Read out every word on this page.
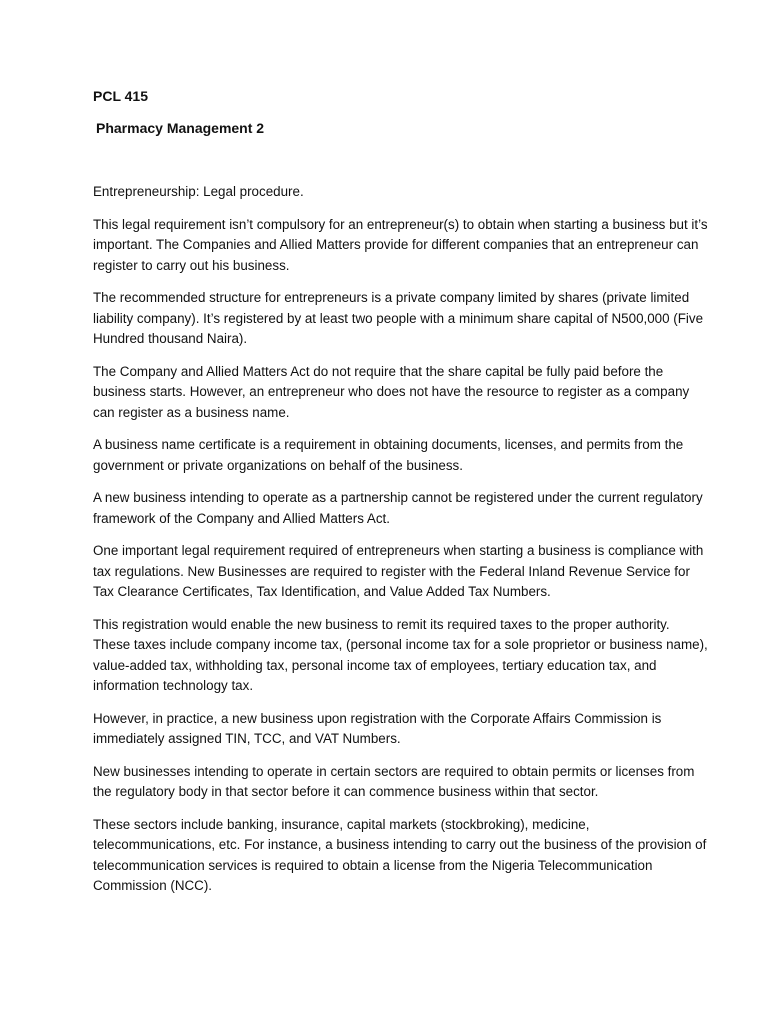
PCL 415

Pharmacy Management 2

Entrepreneurship: Legal procedure.

This legal requirement isn’t compulsory for an entrepreneur(s) to obtain when starting a business but it’s important. The Companies and Allied Matters provide for different companies that an entrepreneur can register to carry out his business.

The recommended structure for entrepreneurs is a private company limited by shares (private limited liability company). It’s registered by at least two people with a minimum share capital of N500,000 (Five Hundred thousand Naira).

The Company and Allied Matters Act do not require that the share capital be fully paid before the business starts. However, an entrepreneur who does not have the resource to register as a company can register as a business name.

A business name certificate is a requirement in obtaining documents, licenses, and permits from the government or private organizations on behalf of the business.

A new business intending to operate as a partnership cannot be registered under the current regulatory framework of the Company and Allied Matters Act.

One important legal requirement required of entrepreneurs when starting a business is compliance with tax regulations. New Businesses are required to register with the Federal Inland Revenue Service for Tax Clearance Certificates, Tax Identification, and Value Added Tax Numbers.

This registration would enable the new business to remit its required taxes to the proper authority. These taxes include company income tax, (personal income tax for a sole proprietor or business name), value-added tax, withholding tax, personal income tax of employees, tertiary education tax, and information technology tax.

However, in practice, a new business upon registration with the Corporate Affairs Commission is immediately assigned TIN, TCC, and VAT Numbers.

New businesses intending to operate in certain sectors are required to obtain permits or licenses from the regulatory body in that sector before it can commence business within that sector.

These sectors include banking, insurance, capital markets (stockbroking), medicine, telecommunications, etc. For instance, a business intending to carry out the business of the provision of telecommunication services is required to obtain a license from the Nigeria Telecommunication Commission (NCC).
